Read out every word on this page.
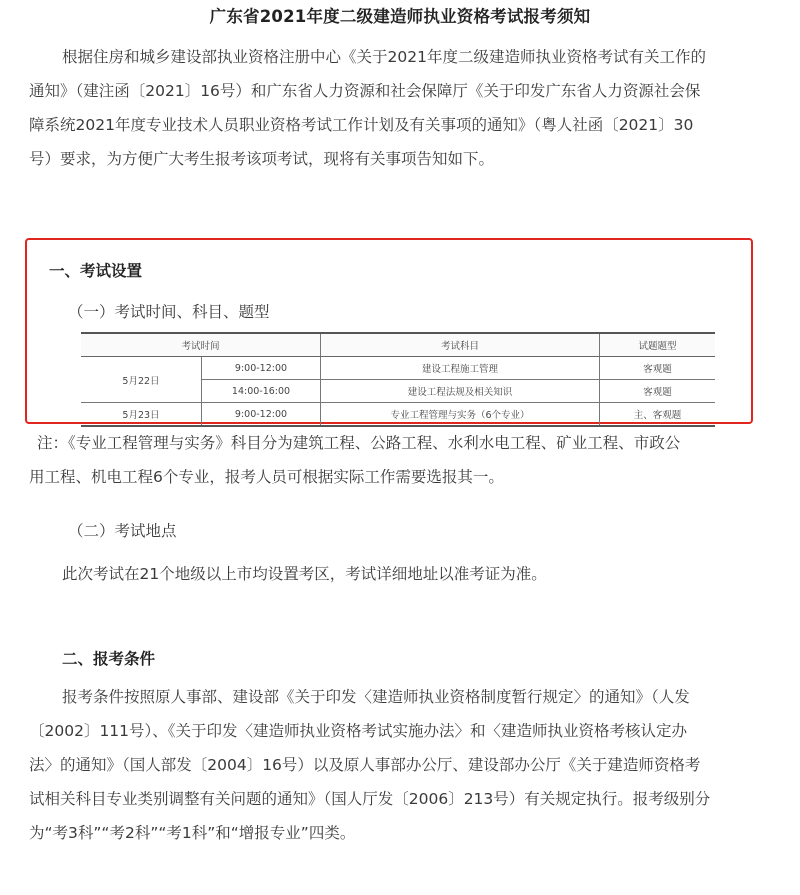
广东省2021年度二级建造师执业资格考试报考须知
根据住房和城乡建设部执业资格注册中心《关于2021年度二级建造师执业资格考试有关工作的
通知》（建注函〔2021〕16号）和广东省人力资源和社会保障厅《关于印发广东省人力资源社会保
障系统2021年度专业技术人员职业资格考试工作计划及有关事项的通知》（粤人社函〔2021〕30
号）要求，为方便广大考生报考该项考试，现将有关事项告知如下。
一、考试设置
（一）考试时间、科目、题型
考试时间		考试科目	试题题型
5月22日	9:00-12:00	建设工程施工管理	客观题
	14:00-16:00	建设工程法规及相关知识	客观题
5月23日	9:00-12:00	专业工程管理与实务（6个专业）	主、客观题
注：《专业工程管理与实务》科目分为建筑工程、公路工程、水利水电工程、矿业工程、市政公
用工程、机电工程6个专业，报考人员可根据实际工作需要选报其一。
（二）考试地点
此次考试在21个地级以上市均设置考区，考试详细地址以准考证为准。
二、报考条件
报考条件按照原人事部、建设部《关于印发〈建造师执业资格制度暂行规定〉的通知》（人发
〔2002〕111号）、《关于印发〈建造师执业资格考试实施办法〉和〈建造师执业资格考核认定办
法〉的通知》（国人部发〔2004〕16号）以及原人事部办公厅、建设部办公厅《关于建造师资格考
试相关科目专业类别调整有关问题的通知》（国人厅发〔2006〕213号）有关规定执行。报考级别分
为“考3科”“考2科”“考1科”和“增报专业”四类。
